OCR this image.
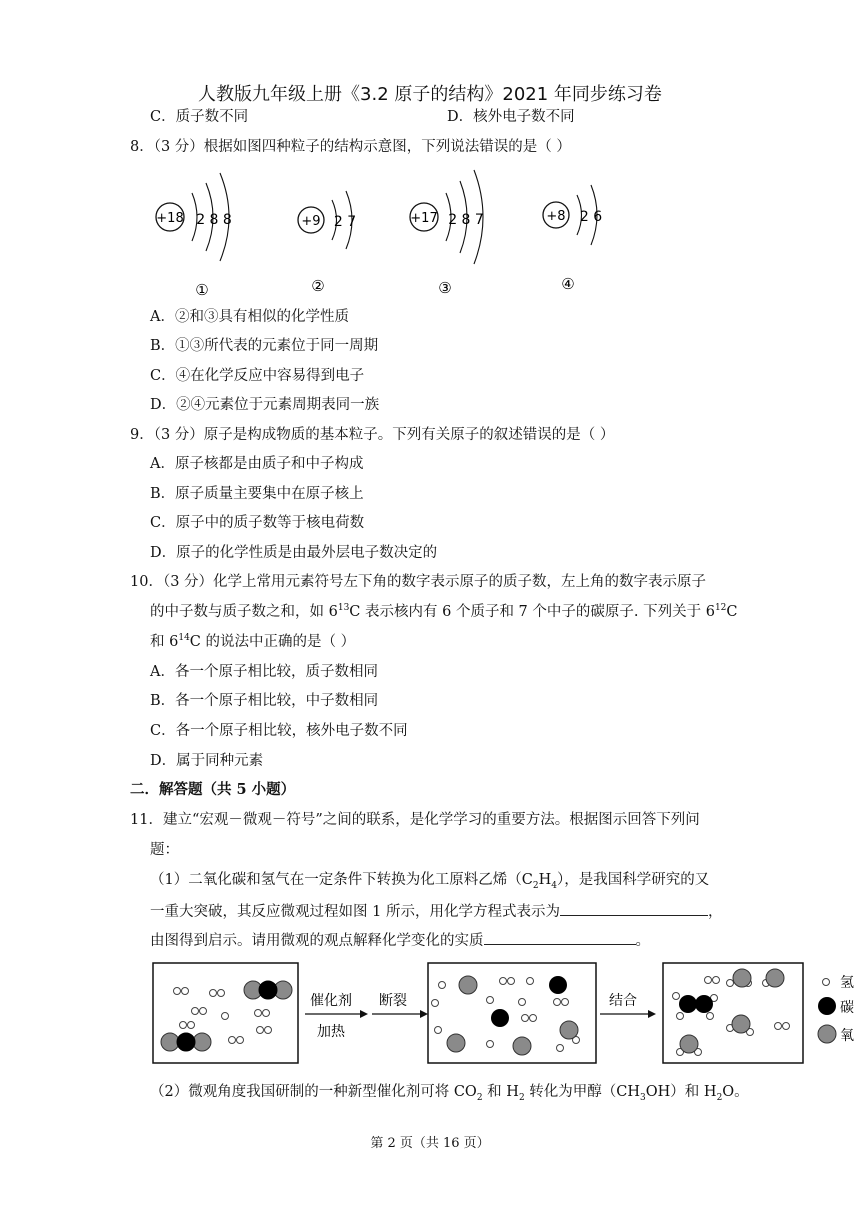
人教版九年级上册《3.2 原子的结构》2021 年同步练习卷
C．质子数不同	D．核外电子数不同
8．（3 分）根据如图四种粒子的结构示意图，下列说法错误的是（ ）
+18 2 8 8
①
+9 2 7
②
+17 2 8 7
③
+8 2 6
④
A．②和③具有相似的化学性质
B．①③所代表的元素位于同一周期
C．④在化学反应中容易得到电子
D．②④元素位于元素周期表同一族
9．（3 分）原子是构成物质的基本粒子。下列有关原子的叙述错误的是（ ）
A．原子核都是由质子和中子构成
B．原子质量主要集中在原子核上
C．原子中的质子数等于核电荷数
D．原子的化学性质是由最外层电子数决定的
10．（3 分）化学上常用元素符号左下角的数字表示原子的质子数，左上角的数字表示原子
的中子数与质子数之和，如 $6^{13}C$ 表示核内有 6 个质子和 7 个中子的碳原子. 下列关于 $6^{12}C$
和 $6^{14}C$ 的说法中正确的是（ ）
A．各一个原子相比较，质子数相同
B．各一个原子相比较，中子数相同
C．各一个原子相比较，核外电子数不同
D．属于同种元素
二．解答题（共 5 小题）
11．建立“宏观－微观－符号”之间的联系，是化学学习的重要方法。根据图示回答下列问
题：
（1）二氧化碳和氢气在一定条件下转换为化工原料乙烯$(C_2H_4)$，是我国科学研究的又
一重大突破，其反应微观过程如图 1 所示，用化学方程式表示为	，
由图得到启示。请用微观的观点解释化学变化的实质	。
催化剂
加热
断裂	结合
氢
碳
氧
（2）微观角度我国研制的一种新型催化剂可将 $CO_2$ 和 $H_2$ 转化为甲醇$(CH_3OH)$和 $H_2O$。
第 2 页（共 16 页）
